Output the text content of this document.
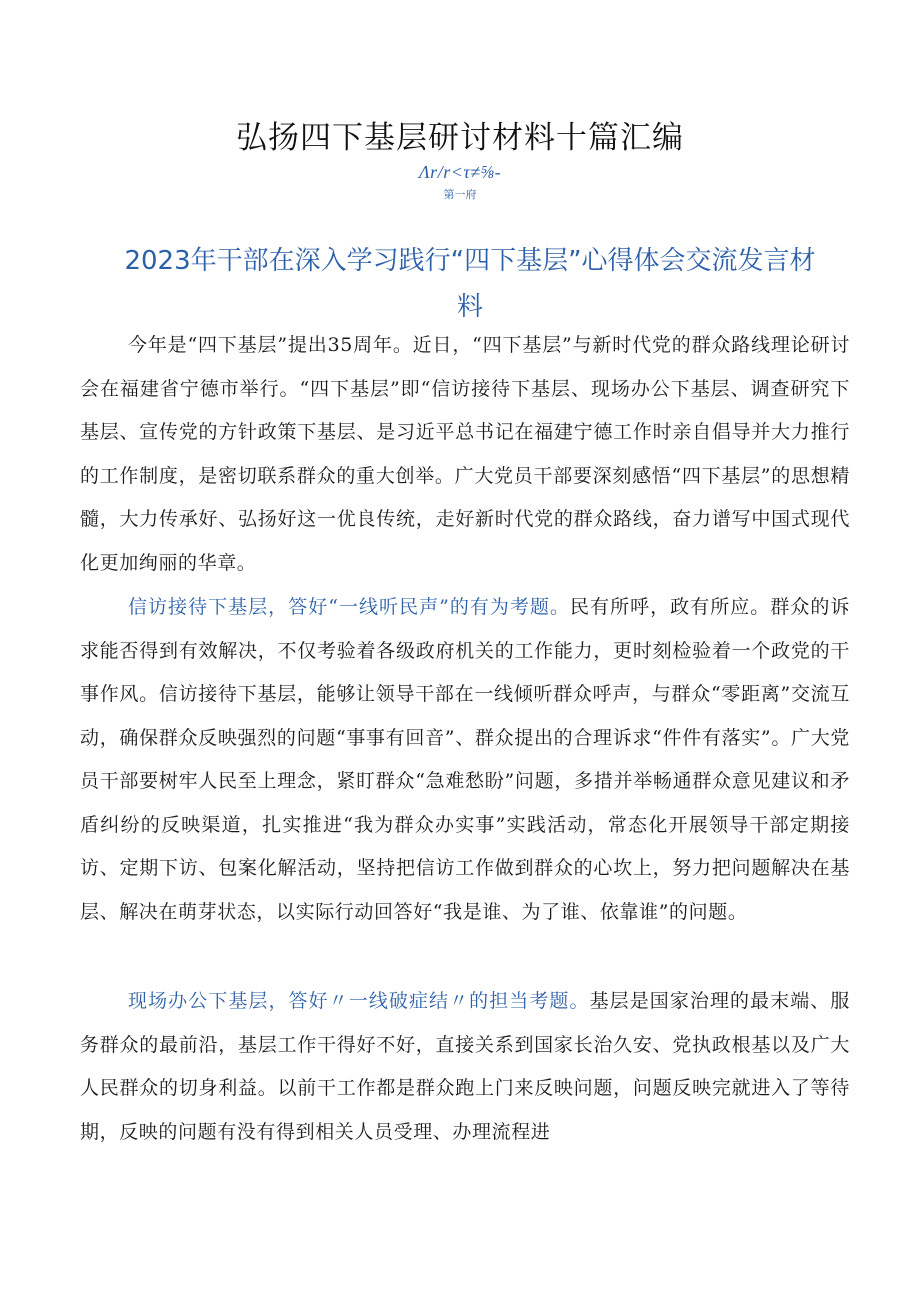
弘扬四下基层研讨材料十篇汇编
Λr/r<τ≠⅝-
第一府
2023年干部在深入学习践行“四下基层”心得体会交流发言材料

今年是“四下基层”提出35周年。近日，“四下基层”与新时代党的群众路线理论研讨会在福建省宁德市举行。“四下基层”即“信访接待下基层、现场办公下基层、调查研究下基层、宣传党的方针政策下基层、是习近平总书记在福建宁德工作时亲自倡导并大力推行的工作制度，是密切联系群众的重大创举。广大党员干部要深刻感悟“四下基层”的思想精髓，大力传承好、弘扬好这一优良传统，走好新时代党的群众路线，奋力谱写中国式现代化更加绚丽的华章。

信访接待下基层，答好“一线听民声”的有为考题。民有所呼，政有所应。群众的诉求能否得到有效解决，不仅考验着各级政府机关的工作能力，更时刻检验着一个政党的干事作风。信访接待下基层，能够让领导干部在一线倾听群众呼声，与群众“零距离”交流互动，确保群众反映强烈的问题“事事有回音”、群众提出的合理诉求“件件有落实”。广大党员干部要树牢人民至上理念，紧盯群众“急难愁盼”问题，多措并举畅通群众意见建议和矛盾纠纷的反映渠道，扎实推进“我为群众办实事”实践活动，常态化开展领导干部定期接访、定期下访、包案化解活动，坚持把信访工作做到群众的心坎上，努力把问题解决在基层、解决在萌芽状态，以实际行动回答好“我是谁、为了谁、依靠谁”的问题。

现场办公下基层，答好〃一线破症结〃的担当考题。基层是国家治理的最末端、服务群众的最前沿，基层工作干得好不好，直接关系到国家长治久安、党执政根基以及广大人民群众的切身利益。以前干工作都是群众跑上门来反映问题，问题反映完就进入了等待期，反映的问题有没有得到相关人员受理、办理流程进
